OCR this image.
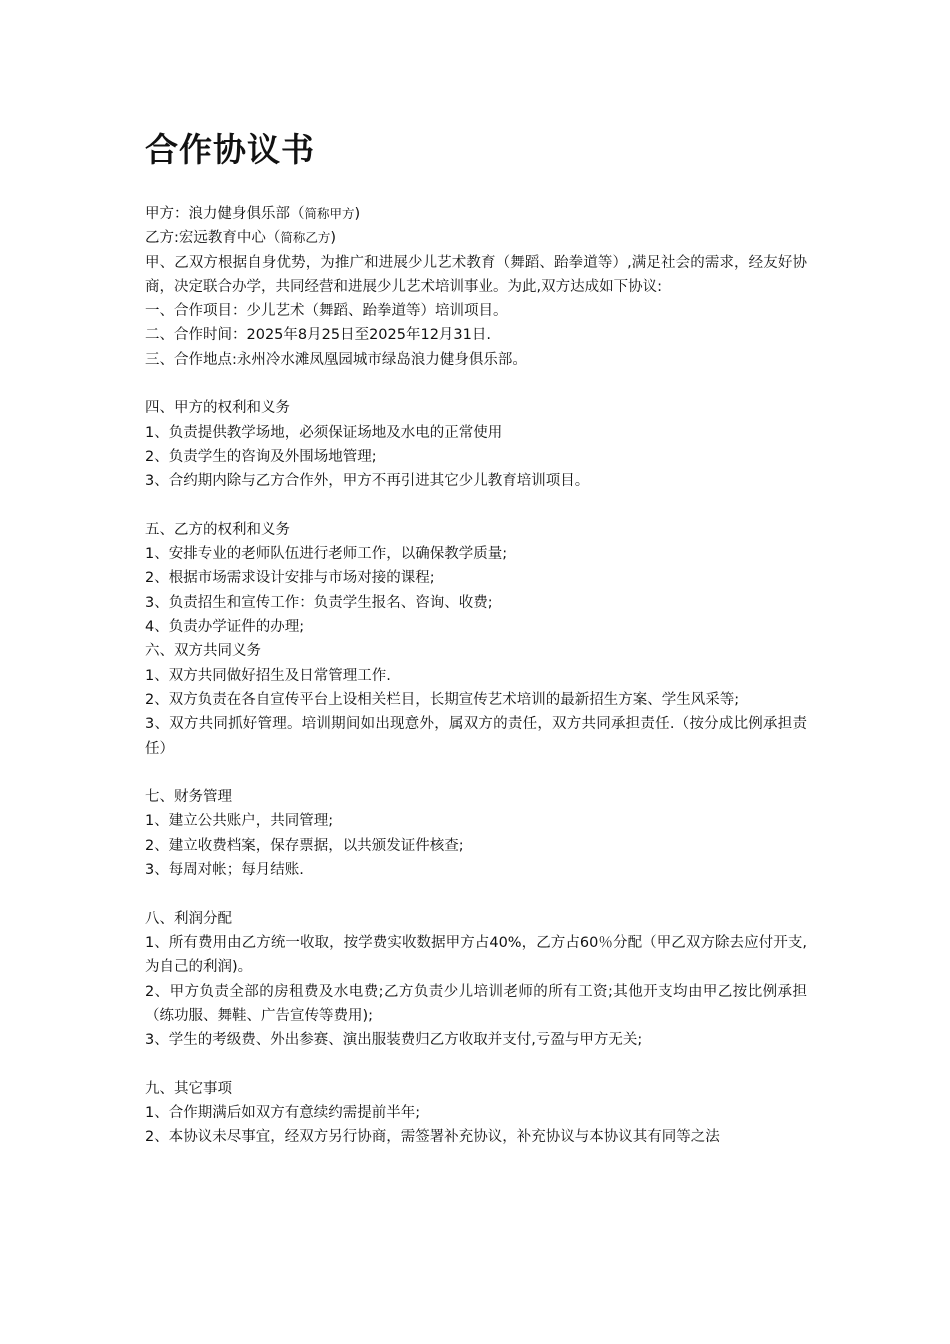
合作协议书

甲方：浪力健身俱乐部（简称甲方)

乙方:宏远教育中心（简称乙方)

甲、乙双方根据自身优势，为推广和进展少儿艺术教育（舞蹈、跆拳道等）,满足社会的需求，经友好协商，决定联合办学，共同经营和进展少儿艺术培训事业。为此,双方达成如下协议:

一、合作项目：少儿艺术（舞蹈、跆拳道等）培训项目。

二、合作时间：2025年8月25日至2025年12月31日.

三、合作地点:永州冷水滩凤凰园城市绿岛浪力健身俱乐部。

四、甲方的权利和义务

1、负责提供教学场地，必须保证场地及水电的正常使用

2、负责学生的咨询及外围场地管理;

3、合约期内除与乙方合作外，甲方不再引进其它少儿教育培训项目。

五、乙方的权利和义务

1、安排专业的老师队伍进行老师工作，以确保教学质量;

2、根据市场需求设计安排与市场对接的课程;

3、负责招生和宣传工作：负责学生报名、咨询、收费;

4、负责办学证件的办理;

六、双方共同义务

1、双方共同做好招生及日常管理工作.

2、双方负责在各自宣传平台上设相关栏目，长期宣传艺术培训的最新招生方案、学生风采等;

3、双方共同抓好管理。培训期间如出现意外，属双方的责任，双方共同承担责任.（按分成比例承担责任）

七、财务管理

1、建立公共账户，共同管理;

2、建立收费档案，保存票据，以共颁发证件核查;

3、每周对帐；每月结账.

八、利润分配

1、所有费用由乙方统一收取，按学费实收数据甲方占40%，乙方占60％分配（甲乙双方除去应付开支,为自己的利润)。

2、甲方负责全部的房租费及水电费;乙方负责少儿培训老师的所有工资;其他开支均由甲乙按比例承担（练功服、舞鞋、广告宣传等费用);

3、学生的考级费、外出参赛、演出服装费归乙方收取并支付,亏盈与甲方无关;

九、其它事项

1、合作期满后如双方有意续约需提前半年;

2、本协议未尽事宜，经双方另行协商，需签署补充协议，补充协议与本协议其有同等之法
